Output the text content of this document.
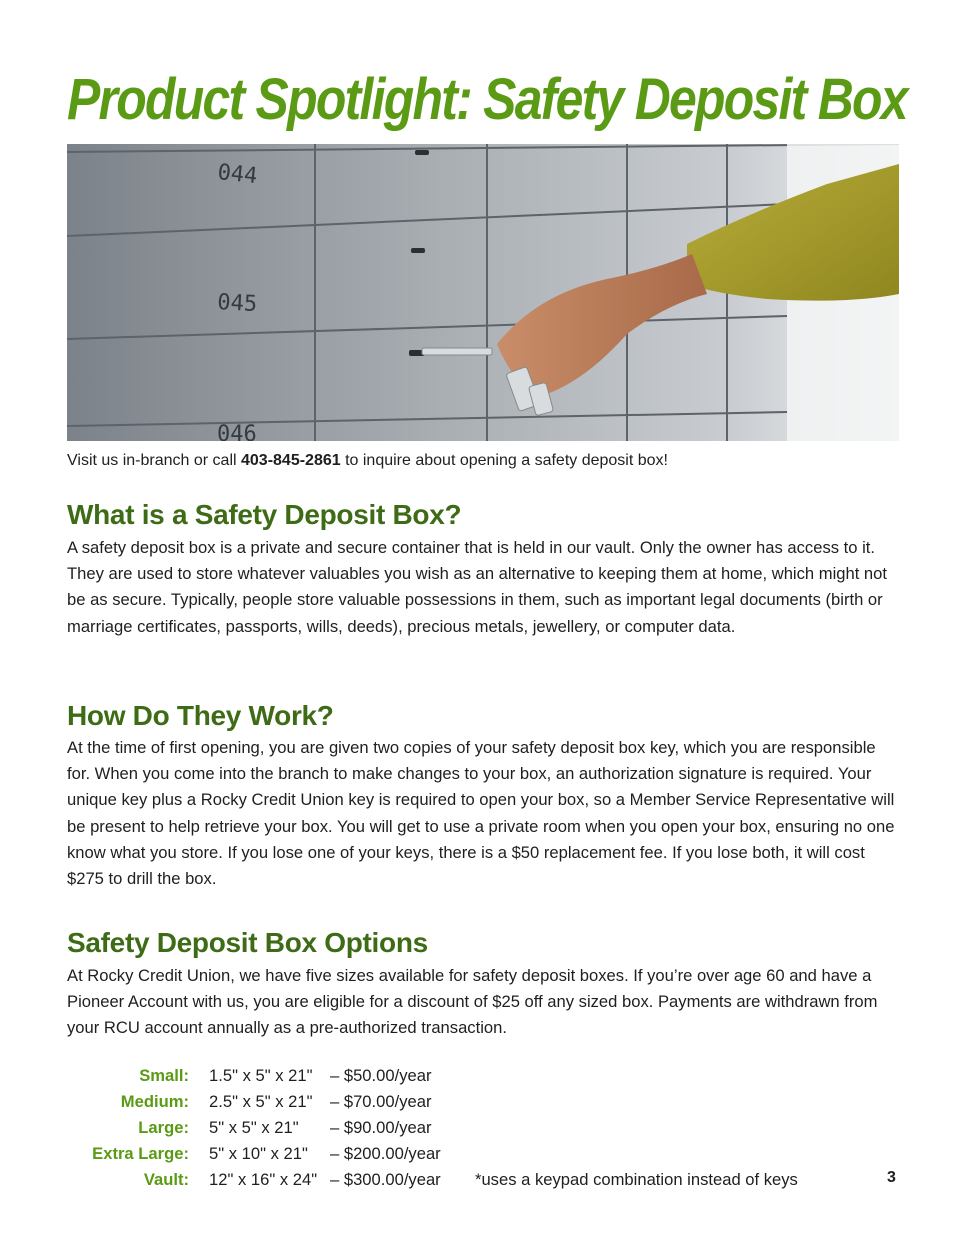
Product Spotlight: Safety Deposit Box
044
045
046
Visit us in-branch or call 403-845-2861 to inquire about opening a safety deposit box!
What is a Safety Deposit Box?

A safety deposit box is a private and secure container that is held in our vault. Only the owner has access to it. They are used to store whatever valuables you wish as an alternative to keeping them at home, which might not be as secure. Typically, people store valuable possessions in them, such as important legal documents (birth or marriage certificates, passports, wills, deeds), precious metals, jewellery, or computer data.

How Do They Work?

At the time of first opening, you are given two copies of your safety deposit box key, which you are responsible for. When you come into the branch to make changes to your box, an authorization signature is required. Your unique key plus a Rocky Credit Union key is required to open your box, so a Member Service Representative will be present to help retrieve your box. You will get to use a private room when you open your box, ensuring no one know what you store. If you lose one of your keys, there is a $50 replacement fee. If you lose both, it will cost $275 to drill the box.

Safety Deposit Box Options

At Rocky Credit Union, we have five sizes available for safety deposit boxes. If you’re over age 60 and have a Pioneer Account with us, you are eligible for a discount of $25 off any sized box. Payments are withdrawn from your RCU account annually as a pre-authorized transaction.

Small: 1.5" x 5" x 21" – $50.00/year
Medium: 2.5" x 5" x 21" – $70.00/year
Large: 5" x 5" x 21" – $90.00/year
Extra Large: 5" x 10" x 21" – $200.00/year
Vault: 12" x 16" x 24" – $300.00/year *uses a keypad combination instead of keys	3
